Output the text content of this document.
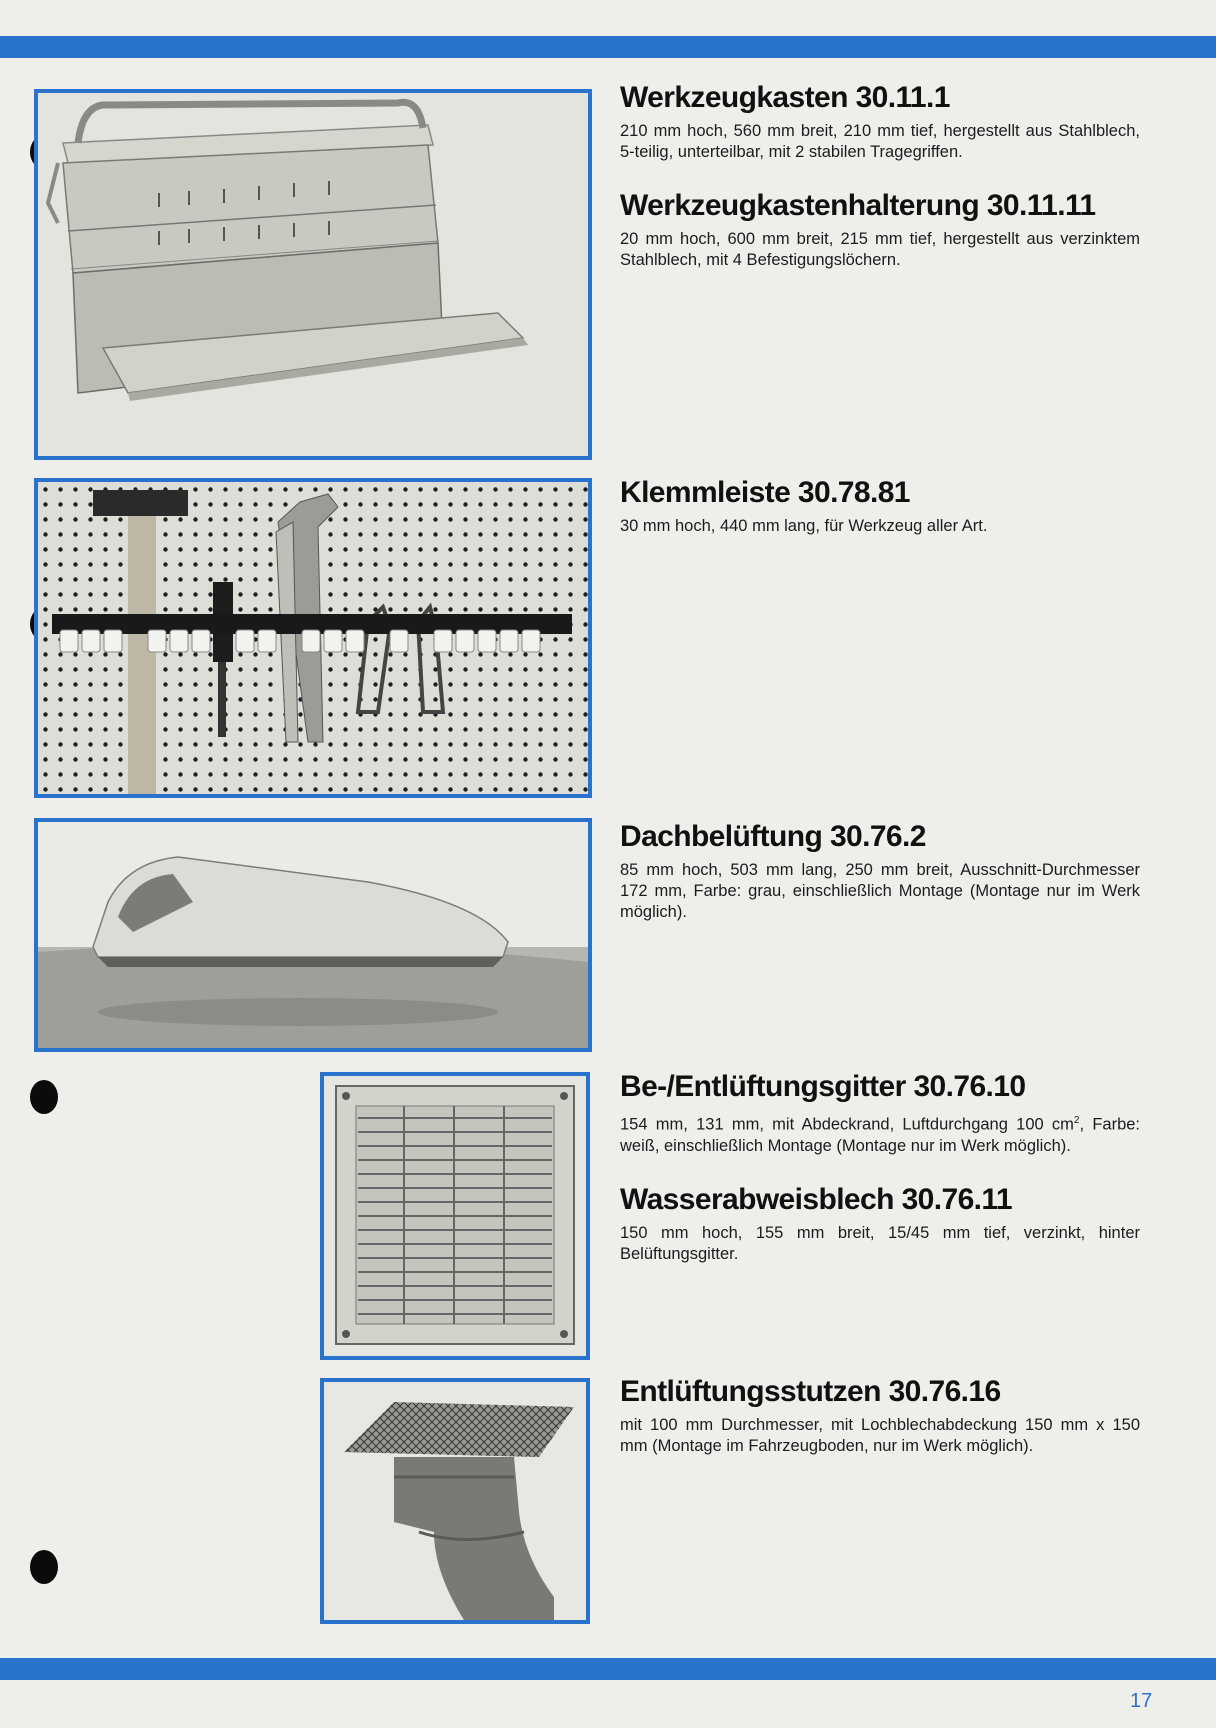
Werkzeugkasten 30.11.1

210 mm hoch, 560 mm breit, 210 mm tief, hergestellt aus Stahlblech, 5-teilig, unterteilbar, mit 2 stabilen Tragegriffen.

Werkzeugkastenhalterung 30.11.11

20 mm hoch, 600 mm breit, 215 mm tief, hergestellt aus verzinktem Stahlblech, mit 4 Befestigungslöchern.

Klemmleiste 30.78.81

30 mm hoch, 440 mm lang, für Werkzeug aller Art.

Dachbelüftung 30.76.2

85 mm hoch, 503 mm lang, 250 mm breit, Ausschnitt-Durchmesser 172 mm, Farbe: grau, einschließlich Montage (Montage nur im Werk möglich).

Be-/Entlüftungsgitter 30.76.10

154 mm, 131 mm, mit Abdeckrand, Luftdurchgang 100 $cm^2$, Farbe: weiß, einschließlich Montage (Montage nur im Werk möglich).

Wasserabweisblech 30.76.11

150 mm hoch, 155 mm breit, 15/45 mm tief, verzinkt, hinter Belüftungsgitter.

Entlüftungsstutzen 30.76.16

mit 100 mm Durchmesser, mit Lochblechabdeckung 150 mm x 150 mm (Montage im Fahrzeugboden, nur im Werk möglich).

17
